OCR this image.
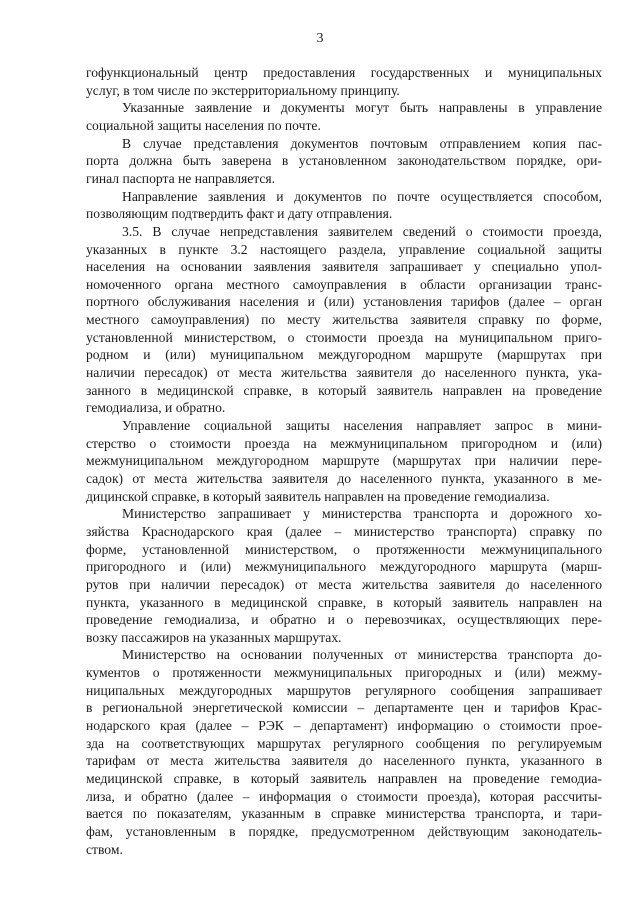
3
гофункциональный центр предоставления государственных и муниципальных
услуг, в том числе по экстерриториальному принципу.
Указанные заявление и документы могут быть направлены в управление
социальной защиты населения по почте.
В случае представления документов почтовым отправлением копия пас-
порта должна быть заверена в установленном законодательством порядке, ори-
гинал паспорта не направляется.
Направление заявления и документов по почте осуществляется способом,
позволяющим подтвердить факт и дату отправления.
3.5. В случае непредставления заявителем сведений о стоимости проезда,
указанных в пункте 3.2 настоящего раздела, управление социальной защиты
населения на основании заявления заявителя запрашивает у специально упол-
номоченного органа местного самоуправления в области организации транс-
портного обслуживания населения и (или) установления тарифов (далее – орган
местного самоуправления) по месту жительства заявителя справку по форме,
установленной министерством, о стоимости проезда на муниципальном приго-
родном и (или) муниципальном междугородном маршруте (маршрутах при
наличии пересадок) от места жительства заявителя до населенного пункта, ука-
занного в медицинской справке, в который заявитель направлен на проведение
гемодиализа, и обратно.
Управление социальной защиты населения направляет запрос в мини-
стерство о стоимости проезда на межмуниципальном пригородном и (или)
межмуниципальном междугородном маршруте (маршрутах при наличии пере-
садок) от места жительства заявителя до населенного пункта, указанного в ме-
дицинской справке, в который заявитель направлен на проведение гемодиализа.
Министерство запрашивает у министерства транспорта и дорожного хо-
зяйства Краснодарского края (далее – министерство транспорта) справку по
форме, установленной министерством, о протяженности межмуниципального
пригородного и (или) межмуниципального междугородного маршрута (марш-
рутов при наличии пересадок) от места жительства заявителя до населенного
пункта, указанного в медицинской справке, в который заявитель направлен на
проведение гемодиализа, и обратно и о перевозчиках, осуществляющих пере-
возку пассажиров на указанных маршрутах.
Министерство на основании полученных от министерства транспорта до-
кументов о протяженности межмуниципальных пригородных и (или) межму-
ниципальных междугородных маршрутов регулярного сообщения запрашивает
в региональной энергетической комиссии – департаменте цен и тарифов Крас-
нодарского края (далее – РЭК – департамент) информацию о стоимости прое-
зда на соответствующих маршрутах регулярного сообщения по регулируемым
тарифам от места жительства заявителя до населенного пункта, указанного в
медицинской справке, в который заявитель направлен на проведение гемодиа-
лиза, и обратно (далее – информация о стоимости проезда), которая рассчиты-
вается по показателям, указанным в справке министерства транспорта, и тари-
фам, установленным в порядке, предусмотренном действующим законодатель-
ством.
